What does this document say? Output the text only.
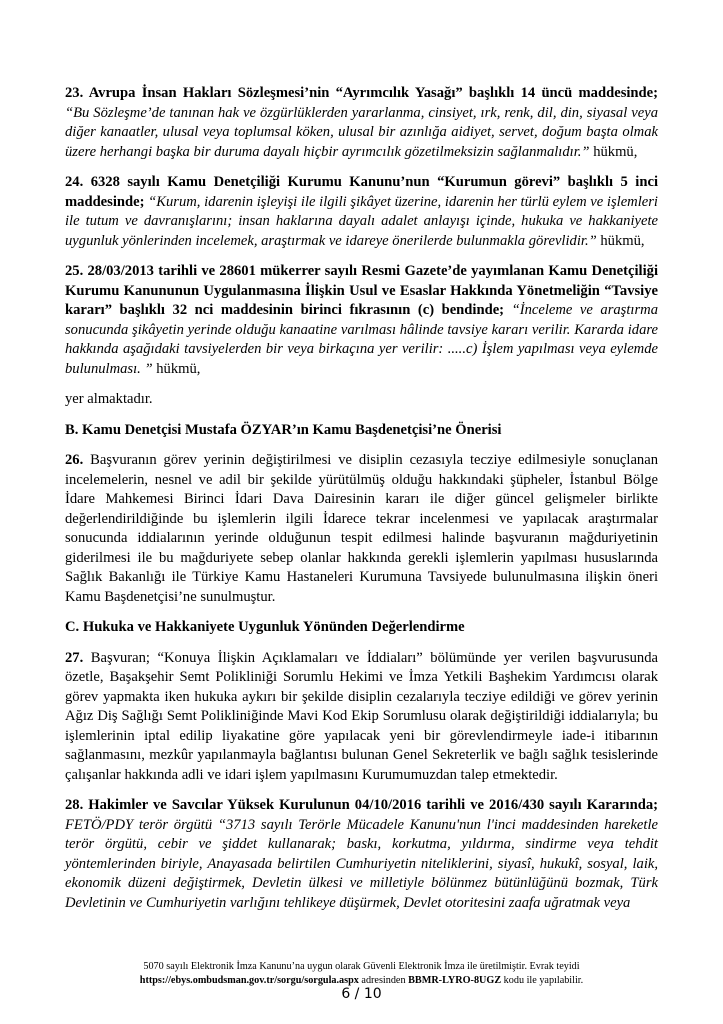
23. Avrupa İnsan Hakları Sözleşmesi’nin “Ayrımcılık Yasağı” başlıklı 14 üncü maddesinde; “Bu Sözleşme’de tanınan hak ve özgürlüklerden yararlanma, cinsiyet, ırk, renk, dil, din, siyasal veya diğer kanaatler, ulusal veya toplumsal köken, ulusal bir azınlığa aidiyet, servet, doğum başta olmak üzere herhangi başka bir duruma dayalı hiçbir ayrımcılık gözetilmeksizin sağlanmalıdır.” hükmü,

24. 6328 sayılı Kamu Denetçiliği Kurumu Kanunu’nun “Kurumun görevi” başlıklı 5 inci maddesinde; “Kurum, idarenin işleyişi ile ilgili şikâyet üzerine, idarenin her türlü eylem ve işlemleri ile tutum ve davranışlarını; insan haklarına dayalı adalet anlayışı içinde, hukuka ve hakkaniyete uygunluk yönlerinden incelemek, araştırmak ve idareye önerilerde bulunmakla görevlidir.” hükmü,

25. 28/03/2013 tarihli ve 28601 mükerrer sayılı Resmi Gazete’de yayımlanan Kamu Denetçiliği Kurumu Kanununun Uygulanmasına İlişkin Usul ve Esaslar Hakkında Yönetmeliğin “Tavsiye kararı” başlıklı 32 nci maddesinin birinci fıkrasının (c) bendinde; “İnceleme ve araştırma sonucunda şikâyetin yerinde olduğu kanaatine varılması hâlinde tavsiye kararı verilir. Kararda idare hakkında aşağıdaki tavsiyelerden bir veya birkaçına yer verilir: .....c) İşlem yapılması veya eylemde bulunulması. ” hükmü,

yer almaktadır.

B. Kamu Denetçisi Mustafa ÖZYAR’ın Kamu Başdenetçisi’ne Önerisi

26. Başvuranın görev yerinin değiştirilmesi ve disiplin cezasıyla tecziye edilmesiyle sonuçlanan incelemelerin, nesnel ve adil bir şekilde yürütülmüş olduğu hakkındaki şüpheler, İstanbul Bölge İdare Mahkemesi Birinci İdari Dava Dairesinin kararı ile diğer güncel gelişmeler birlikte değerlendirildiğinde bu işlemlerin ilgili İdarece tekrar incelenmesi ve yapılacak araştırmalar sonucunda iddialarının yerinde olduğunun tespit edilmesi halinde başvuranın mağduriyetinin giderilmesi ile bu mağduriyete sebep olanlar hakkında gerekli işlemlerin yapılması hususlarında Sağlık Bakanlığı ile Türkiye Kamu Hastaneleri Kurumuna Tavsiyede bulunulmasına ilişkin öneri Kamu Başdenetçisi’ne sunulmuştur.

C. Hukuka ve Hakkaniyete Uygunluk Yönünden Değerlendirme

27. Başvuran; “Konuya İlişkin Açıklamaları ve İddiaları” bölümünde yer verilen başvurusunda özetle, Başakşehir Semt Polikliniği Sorumlu Hekimi ve İmza Yetkili Başhekim Yardımcısı olarak görev yapmakta iken hukuka aykırı bir şekilde disiplin cezalarıyla tecziye edildiği ve görev yerinin Ağız Diş Sağlığı Semt Polikliniğinde Mavi Kod Ekip Sorumlusu olarak değiştirildiği iddialarıyla; bu işlemlerinin iptal edilip liyakatine göre yapılacak yeni bir görevlendirmeyle iade-i itibarının sağlanmasını, mezkûr yapılanmayla bağlantısı bulunan Genel Sekreterlik ve bağlı sağlık tesislerinde çalışanlar hakkında adli ve idari işlem yapılmasını Kurumumuzdan talep etmektedir.

28. Hakimler ve Savcılar Yüksek Kurulunun 04/10/2016 tarihli ve 2016/430 sayılı Kararında; FETÖ/PDY terör örgütü “3713 sayılı Terörle Mücadele Kanunu'nun l'inci maddesinden hareketle terör örgütü, cebir ve şiddet kullanarak; baskı, korkutma, yıldırma, sindirme veya tehdit yöntemlerinden biriyle, Anayasada belirtilen Cumhuriyetin niteliklerini, siyasî, hukukî, sosyal, laik, ekonomik düzeni değiştirmek, Devletin ülkesi ve milletiyle bölünmez bütünlüğünü bozmak, Türk Devletinin ve Cumhuriyetin varlığını tehlikeye düşürmek, Devlet otoritesini zaafa uğratmak veya

5070 sayılı Elektronik İmza Kanunu’na uygun olarak Güvenli Elektronik İmza ile üretilmiştir. Evrak teyidi
https://ebys.ombudsman.gov.tr/sorgu/sorgula.aspx adresinden BBMR-LYRO-8UGZ kodu ile yapılabilir.
6 / 10
